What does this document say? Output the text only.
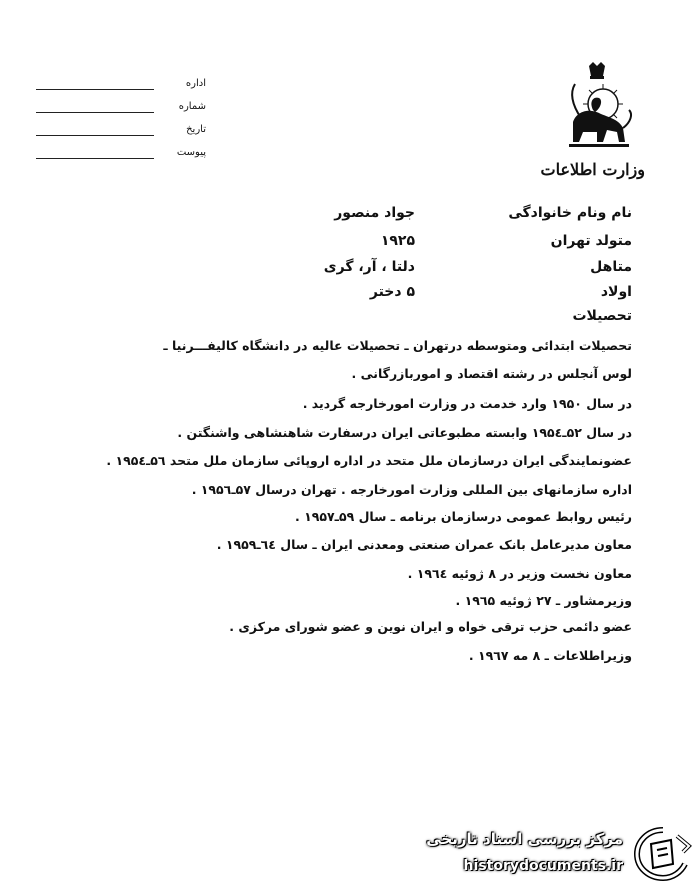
اداره
شماره
تاریخ
پیوست
وزارت اطلاعات
نام ونام خانوادگی
جواد منصور
متولد تهران
۱۹۲۵
متاهل
دلتا ، آر، گری
اولاد
۵ دختر
تحصیلات
تحصیلات ابتدائی ومتوسطه درتهران ـ تحصیلات عالیه در دانشگاه کالیفـــرنیا ـ
لوس آنجلس در رشته اقتصاد و اموربازرگانی .
در سال ۱۹۵۰ وارد خدمت در وزارت امورخارجه گردید .
در سال ۵۲ـ۱۹۵٤ وابسته مطبوعاتی ایران درسفارت شاهنشاهی واشنگتن .
عضونمایندگی ایران درسازمان ملل متحد در اداره اروپائی سازمان ملل متحد ۵٦ـ۱۹۵٤ .
اداره سازمانهای بین المللی وزارت امورخارجه . تهران درسال ۵۷ـ۱۹۵٦ .
رئیس روابط عمومی درسازمان برنامه ـ سال ۵۹ـ۱۹۵۷ .
معاون مدیرعامل بانک عمران صنعتی ومعدنی ایران ـ سال ٦٤ـ۱۹۵۹ .
معاون نخست وزیر در ۸ ژوئیه ۱۹٦٤ .
وزیرمشاور ـ ۲۷ ژوئیه ۱۹٦۵ .
عضو دائمی حزب ترقی خواه و ایران نوین و عضو شورای مرکزی .
وزیراطلاعات ـ ۸ مه ۱۹٦۷ .
مرکز بررسی اسناد تاریخی
historydocuments.ir
